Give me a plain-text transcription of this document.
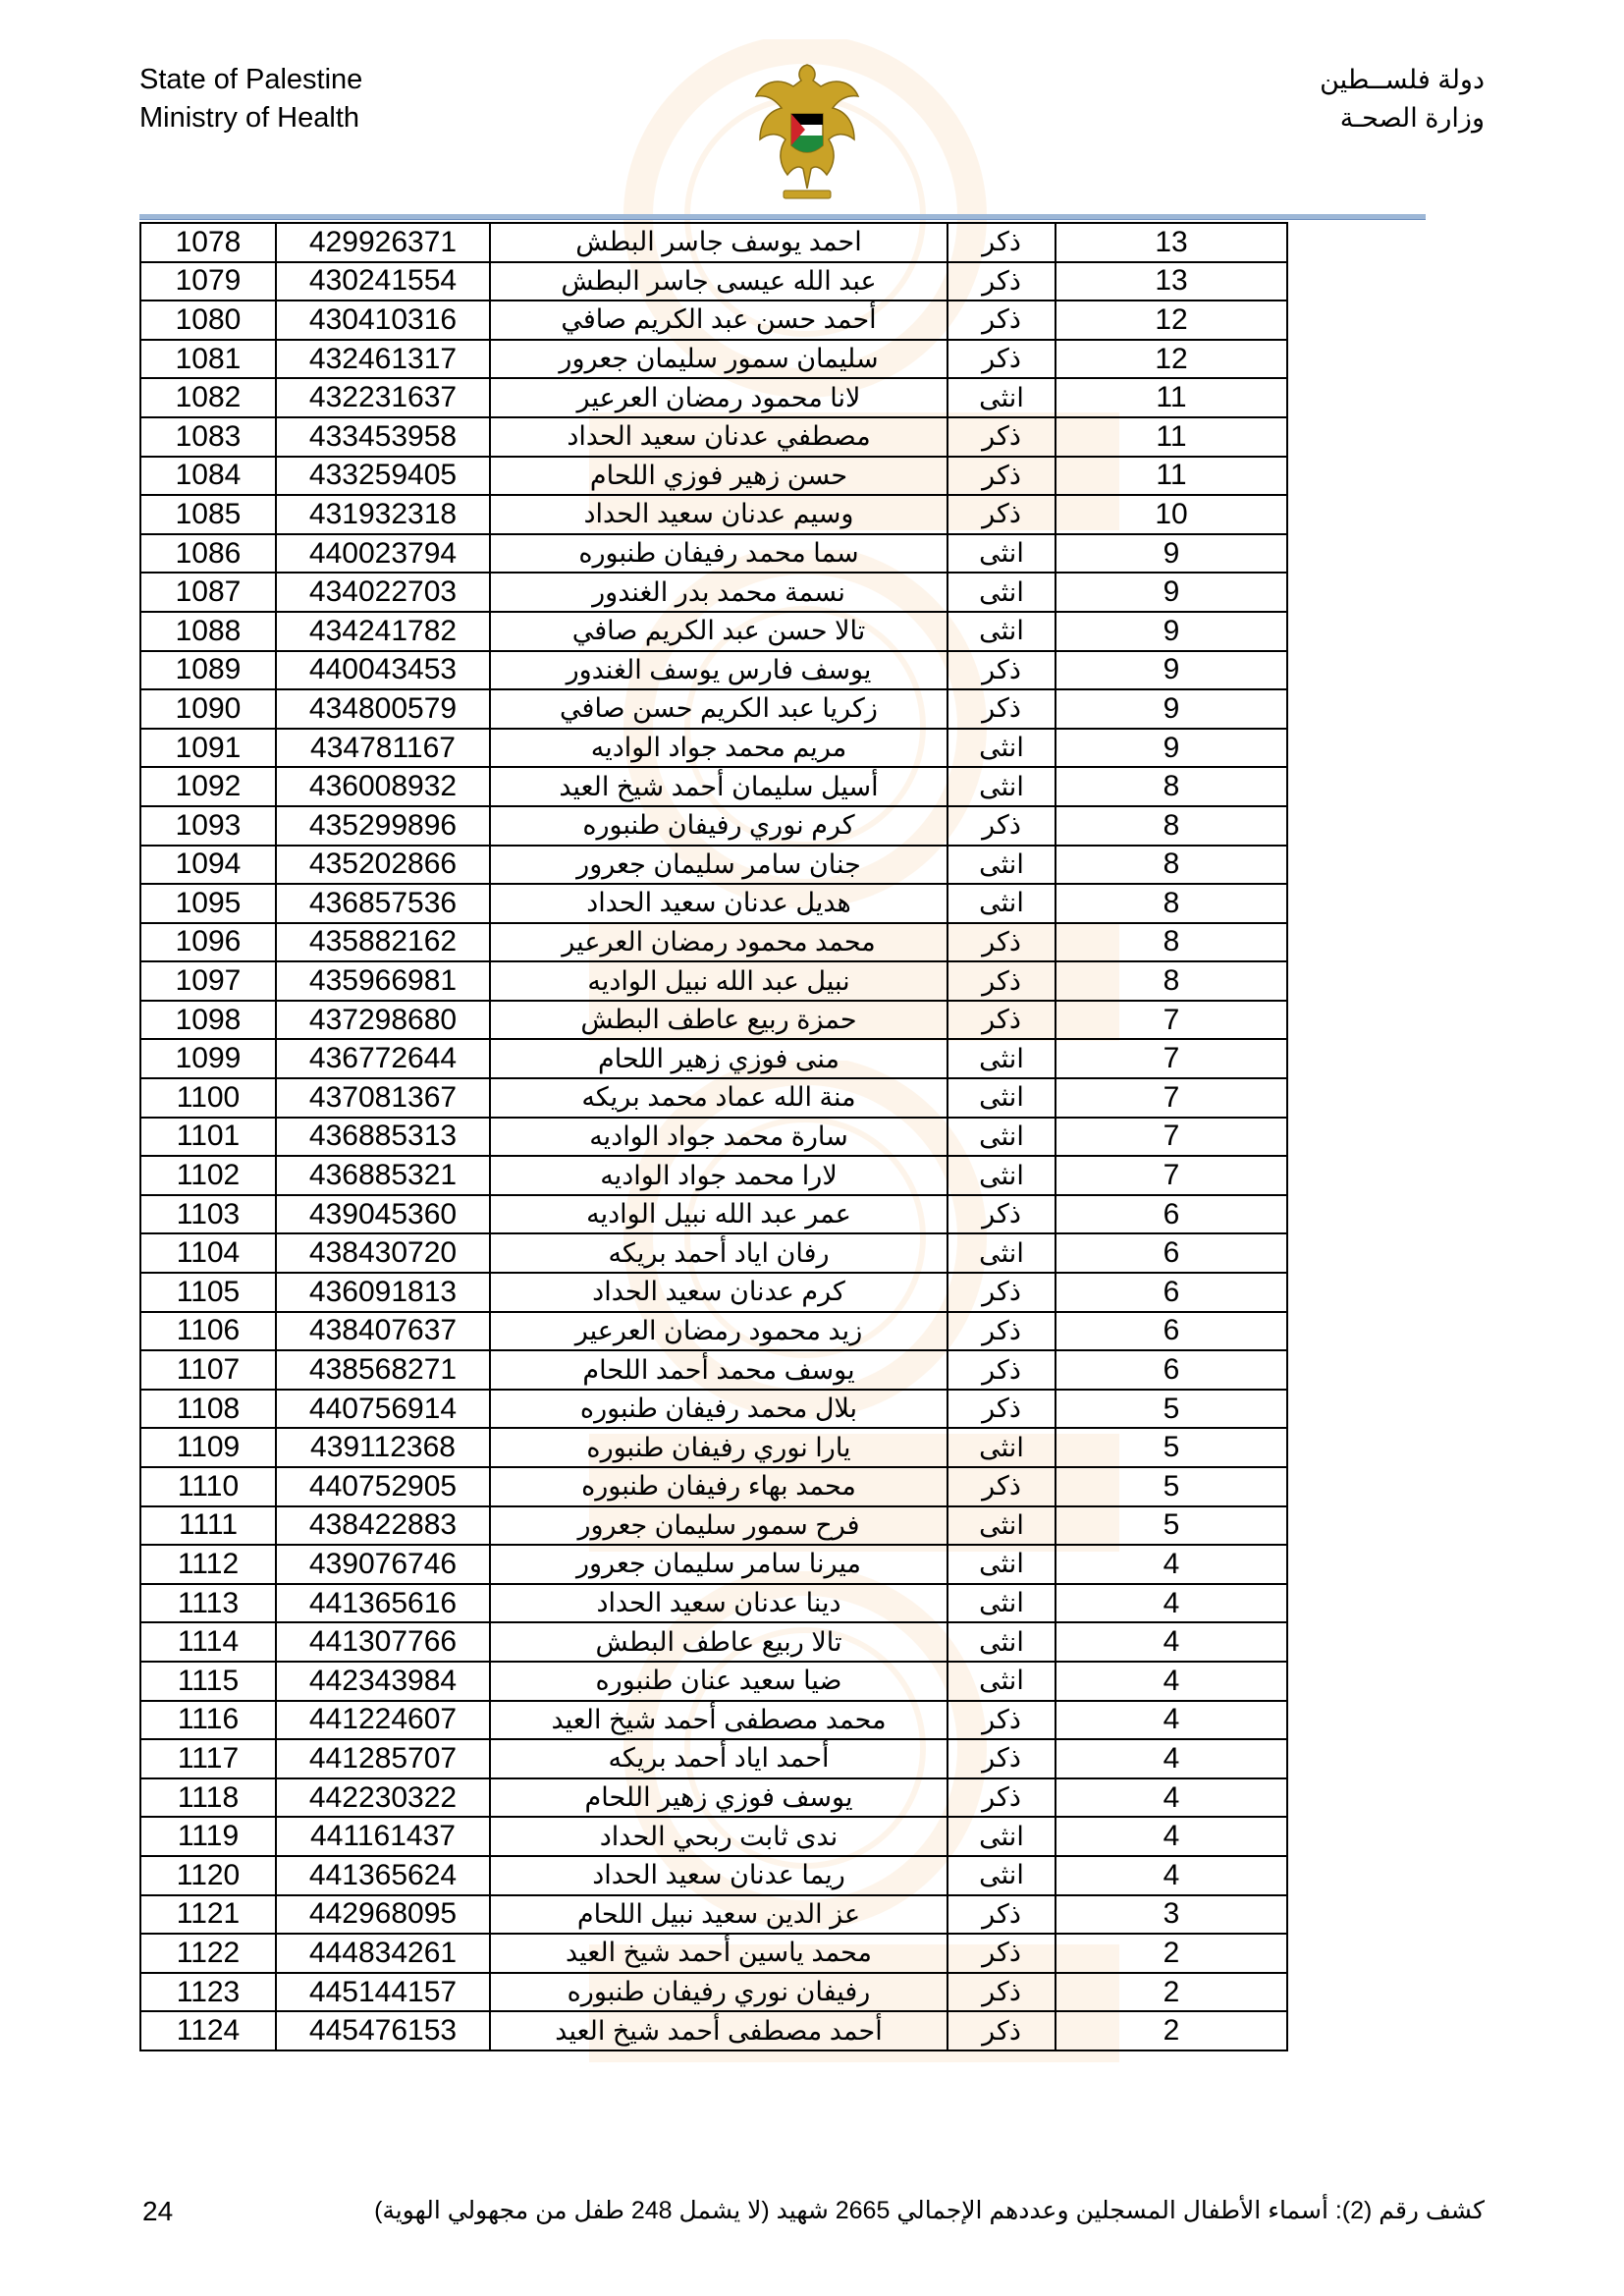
State of Palestine
Ministry of Health
دولة فلســطين
وزارة الصحـة
1078	429926371	احمد يوسف جاسر البطش	ذكر	13
1079	430241554	عبد الله عيسى جاسر البطش	ذكر	13
1080	430410316	أحمد حسن عبد الكريم صافي	ذكر	12
1081	432461317	سليمان سمور سليمان جعرور	ذكر	12
1082	432231637	لانا محمود رمضان العرعير	انثى	11
1083	433453958	مصطفي عدنان سعيد الحداد	ذكر	11
1084	433259405	حسن زهير فوزي اللحام	ذكر	11
1085	431932318	وسيم عدنان سعيد الحداد	ذكر	10
1086	440023794	سما محمد رفيفان طنبوره	انثى	9
1087	434022703	نسمة محمد بدر الغندور	انثى	9
1088	434241782	تالا حسن عبد الكريم صافي	انثى	9
1089	440043453	يوسف فارس يوسف الغندور	ذكر	9
1090	434800579	زكريا عبد الكريم حسن صافي	ذكر	9
1091	434781167	مريم محمد جواد الواديه	انثى	9
1092	436008932	أسيل سليمان أحمد شيخ العيد	انثى	8
1093	435299896	كرم نوري رفيفان طنبوره	ذكر	8
1094	435202866	جنان سامر سليمان جعرور	انثى	8
1095	436857536	هديل عدنان سعيد الحداد	انثى	8
1096	435882162	محمد محمود رمضان العرعير	ذكر	8
1097	435966981	نبيل عبد الله نبيل الواديه	ذكر	8
1098	437298680	حمزة ربيع عاطف البطش	ذكر	7
1099	436772644	منى فوزي زهير اللحام	انثى	7
1100	437081367	منة الله عماد محمد بريكه	انثى	7
1101	436885313	سارة محمد جواد الواديه	انثى	7
1102	436885321	لارا محمد جواد الواديه	انثى	7
1103	439045360	عمر عبد الله نبيل الواديه	ذكر	6
1104	438430720	رفان اياد أحمد بريكه	انثى	6
1105	436091813	كرم عدنان سعيد الحداد	ذكر	6
1106	438407637	زيد محمود رمضان العرعير	ذكر	6
1107	438568271	يوسف محمد أحمد اللحام	ذكر	6
1108	440756914	بلال محمد رفيفان طنبوره	ذكر	5
1109	439112368	يارا نوري رفيفان طنبوره	انثى	5
1110	440752905	محمد بهاء رفيفان طنبوره	ذكر	5
1111	438422883	فرح سمور سليمان جعرور	انثى	5
1112	439076746	ميرنا سامر سليمان جعرور	انثى	4
1113	441365616	دينا عدنان سعيد الحداد	انثى	4
1114	441307766	تالا ربيع عاطف البطش	انثى	4
1115	442343984	ضيا سعيد عنان طنبوره	انثى	4
1116	441224607	محمد مصطفى أحمد شيخ العيد	ذكر	4
1117	441285707	أحمد اياد أحمد بريكه	ذكر	4
1118	442230322	يوسف فوزي زهير اللحام	ذكر	4
1119	441161437	ندى ثابت ربحي الحداد	انثى	4
1120	441365624	ريما عدنان سعيد الحداد	انثى	4
1121	442968095	عز الدين سعيد نبيل اللحام	ذكر	3
1122	444834261	محمد ياسين أحمد شيخ العيد	ذكر	2
1123	445144157	رفيفان نوري رفيفان طنبوره	ذكر	2
1124	445476153	أحمد مصطفى أحمد شيخ العيد	ذكر	2
24	كشف رقم (2): أسماء الأطفال المسجلين وعددهم الإجمالي 2665 شهيد (لا يشمل 248 طفل من مجهولي الهوية)
